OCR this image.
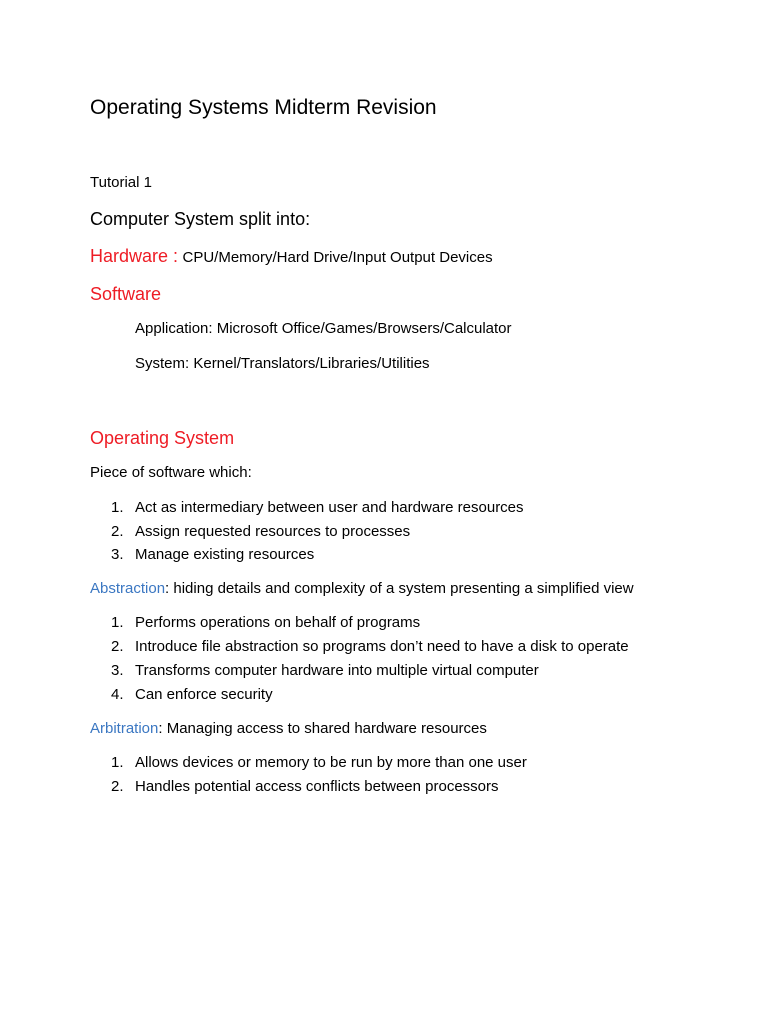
Operating Systems Midterm Revision
Tutorial 1
Computer System split into:
Hardware : CPU/Memory/Hard Drive/Input Output Devices
Software
Application: Microsoft Office/Games/Browsers/Calculator
System: Kernel/Translators/Libraries/Utilities
Operating System
Piece of software which:
1. Act as intermediary between user and hardware resources
2. Assign requested resources to processes
3. Manage existing resources
Abstraction: hiding details and complexity of a system presenting a simplified view
1. Performs operations on behalf of programs
2. Introduce file abstraction so programs don’t need to have a disk to operate
3. Transforms computer hardware into multiple virtual computer
4. Can enforce security
Arbitration: Managing access to shared hardware resources
1. Allows devices or memory to be run by more than one user
2. Handles potential access conflicts between processors
